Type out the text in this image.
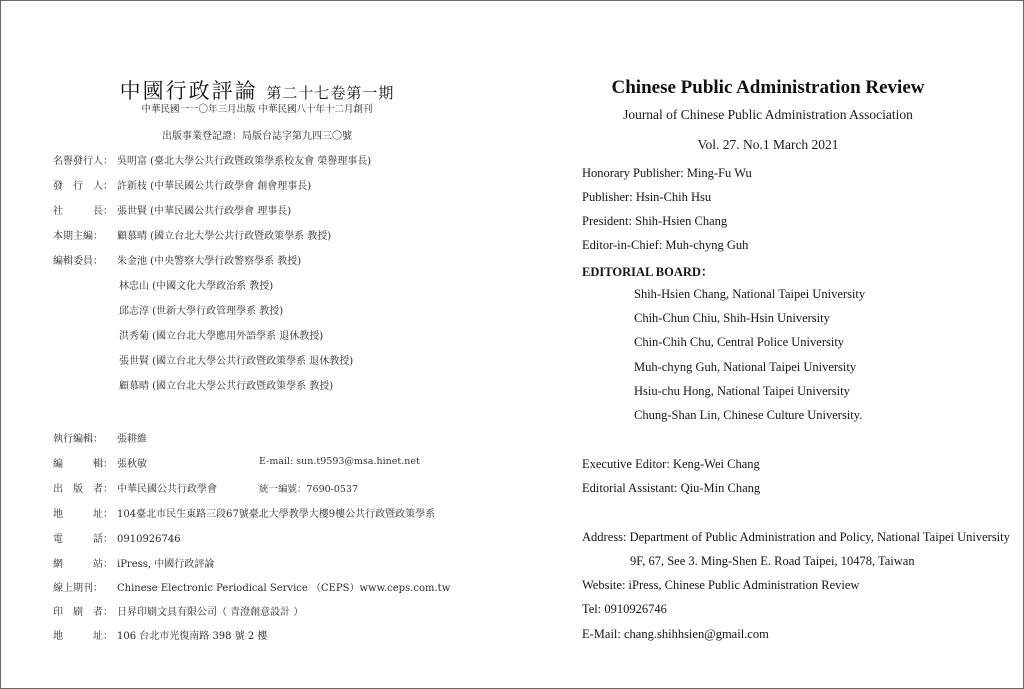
中國行政評論 第二十七卷第一期
中華民國一一〇年三月出版 中華民國八十年十二月創刊
出版事業登記證：局版台誌字第九四三〇號
名譽發行人： 吳明富 (臺北大學公共行政暨政策學系校友會 榮譽理事長)
發　行　人： 許新枝 (中華民國公共行政學會 創會理事長)
社　　　長： 張世賢 (中華民國公共行政學會 理事長)
本期主編： 顧慕晴 (國立台北大學公共行政暨政策學系 教授)
編輯委員： 朱金池 (中央警察大學行政警察學系 教授)
林忠山 (中國文化大學政治系 教授)
邱志淳 (世新大學行政管理學系 教授)
洪秀菊 (國立台北大學應用外語學系 退休教授)
張世賢 (國立台北大學公共行政暨政策學系 退休教授)
顧慕晴 (國立台北大學公共行政暨政策學系 教授)
執行編輯： 張耕維
編　　　輯： 張秋敏	E-mail: sun.t9593@msa.hinet.net
出　版　者： 中華民國公共行政學會	統一編號：7690-0537
地　　　址： 104臺北市民生東路三段67號臺北大學教學大樓9樓公共行政暨政策學系
電　　　話： 0910926746
網　　　站： iPress, 中國行政評論
線上期刊： Chinese Electronic Periodical Service （CEPS）www.ceps.com.tw
印　刷　者： 日昇印刷文具有限公司（ 青澄創意設計 ）
地　　　址： 106 台北市光復南路 398 號 2 樓
Chinese Public Administration Review
Journal of Chinese Public Administration Association
Vol. 27. No.1 March 2021
Honorary Publisher: Ming-Fu Wu
Publisher: Hsin-Chih Hsu
President: Shih-Hsien Chang
Editor-in-Chief: Muh-chyng Guh
EDITORIAL BOARD：
Shih-Hsien Chang, National Taipei University
Chih-Chun Chiu, Shih-Hsin University
Chin-Chih Chu, Central Police University
Muh-chyng Guh, National Taipei University
Hsiu-chu Hong, National Taipei University
Chung-Shan Lin, Chinese Culture University.
Executive Editor: Keng-Wei Chang
Editorial Assistant: Qiu-Min Chang
Address: Department of Public Administration and Policy, National Taipei University
9F, 67, See 3. Ming-Shen E. Road Taipei, 10478, Taiwan
Website: iPress, Chinese Public Administration Review
Tel: 0910926746
E-Mail: chang.shihhsien@gmail.com
